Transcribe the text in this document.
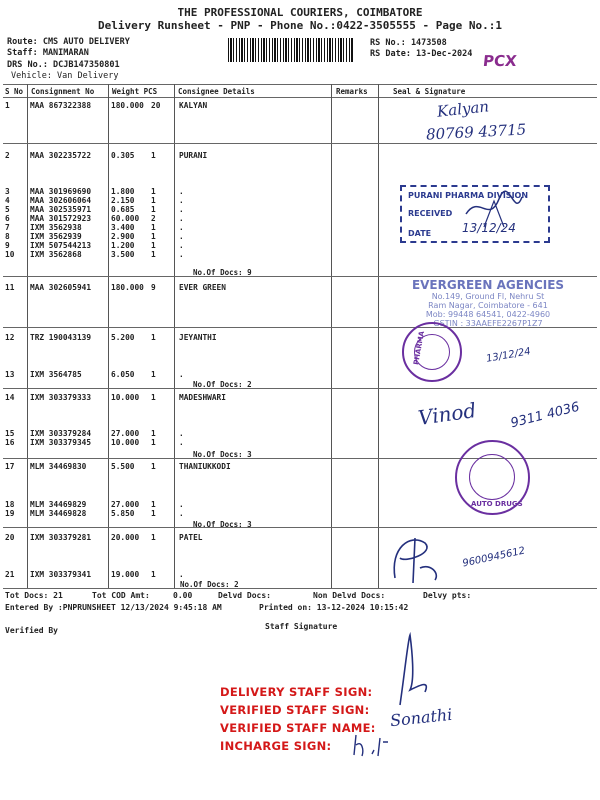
THE PROFESSIONAL COURIERS, COIMBATORE
Delivery Runsheet - PNP - Phone No.:0422-3505555 - Page No.:1
Route: CMS AUTO DELIVERY
Staff: MANIMARAN
DRS No.: DCJB147350801
Vehicle: Van Delivery
RS No.: 1473508
RS Date: 13-Dec-2024 PCX
S No Consignment No Weight PCS	Consignee Details	Remarks	Seal & Signature
1	MAA 867322388	180.000 20 KALYAN
2	MAA 302235722	0.305 1	PURANI
3	MAA 301969690	1.800 1	.
4	MAA 302606064	2.150 1	.
5	MAA 302535971	0.685 1	.
6	MAA 301572923	60.000 2	.
7	IXM 3562938	3.400 1	.
8	IXM 3562939	2.900 1	.
9	IXM 507544213	1.200 1	.
10 IXM 3562868	3.500 1	.
11 MAA 302605941	180.000 9	EVER GREEN
12 TRZ 190043139	5.200 1	JEYANTHI
13 IXM 3564785	6.050 1	.
14 IXM 303379333	10.000 1	MADESHWARI
15 IXM 303379284	27.000 1	.
16 IXM 303379345	10.000 1	.
17 MLM 34469830	5.500 1	THANIUKKODI
18 MLM 34469829	27.000 1	.
19 MLM 34469828	5.850 1	.
20 IXM 303379281	20.000 1	PATEL
21 IXM 303379341	19.000 1	.
No.Of Docs: 9
No.Of Docs: 2
No.Of Docs: 3
No.Of Docs: 3
No.Of Docs: 2
Kalyan
80769 43715
PURANI PHARMA DIVISION
RECEIVED
DATE	13/12/24
EVERGREEN AGENCIES
No.149, Ground Fl, Nehru St
Ram Nagar, Coimbatore - 641
Mob: 99448 64541, 0422-4960
GSTIN : 33AAEFE2267P1Z7
PHARMA	13/12/24
Vinod 9311 4036
AUTO DRUGS
9600945612
Tot Docs: 21	Tot COD Amt:	0.00	Delvd Docs:	Non Delvd Docs:	Delvy pts:
Entered By :PNPRUNSHEET 12/13/2024 9:45:18 AM	Printed on: 13-12-2024 10:15:42
Verified By	Staff Signature
DELIVERY STAFF SIGN:
VERIFIED STAFF SIGN:
VERIFIED STAFF NAME:
INCHARGE SIGN:
Sonathi
